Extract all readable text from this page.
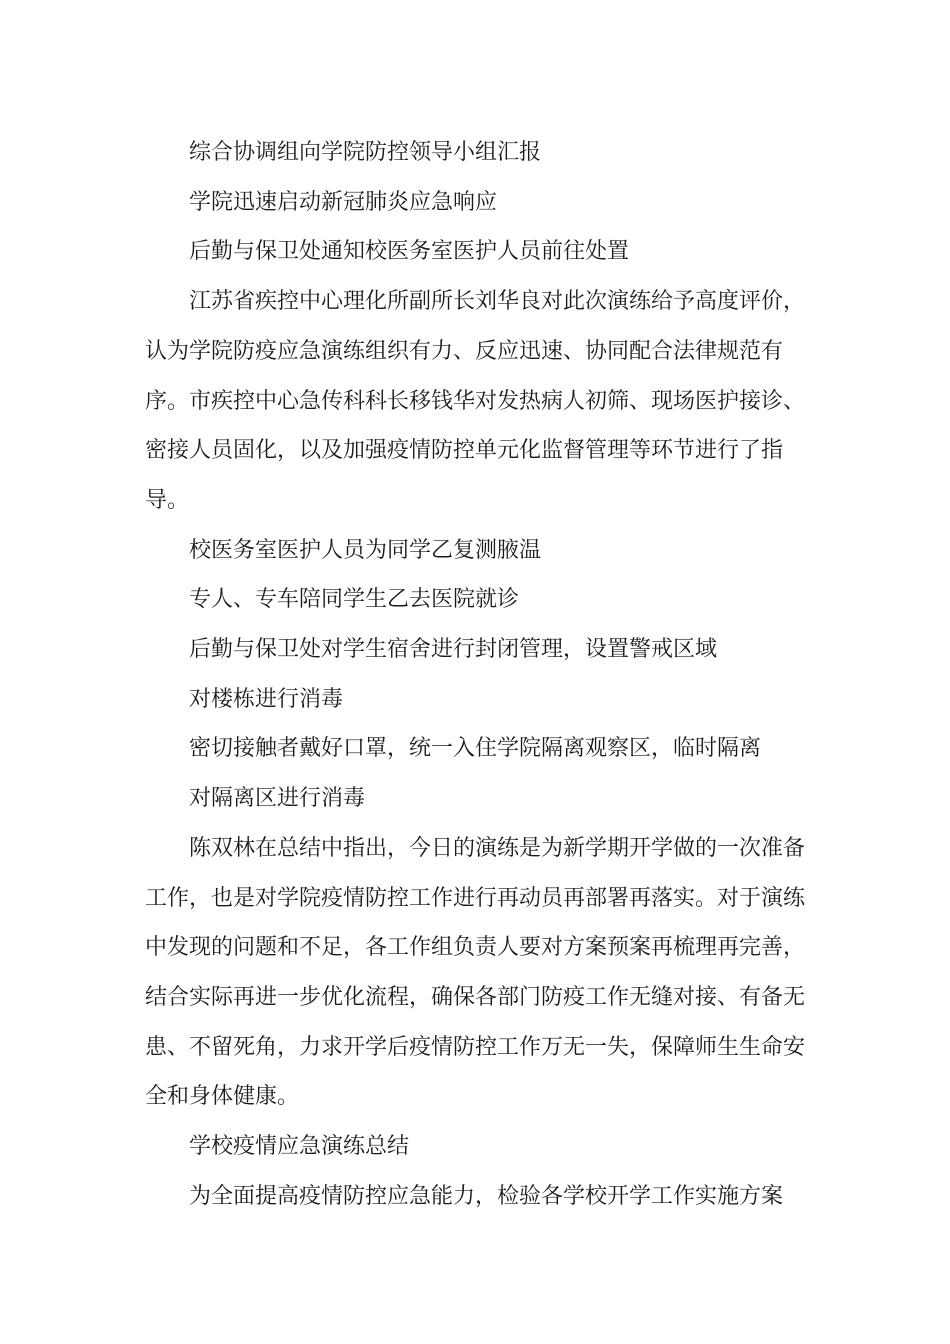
综合协调组向学院防控领导小组汇报

学院迅速启动新冠肺炎应急响应

后勤与保卫处通知校医务室医护人员前往处置

江苏省疾控中心理化所副所长刘华良对此次演练给予高度评价，认为学院防疫应急演练组织有力、反应迅速、协同配合法律规范有序。市疾控中心急传科科长移钱华对发热病人初筛、现场医护接诊、密接人员固化，以及加强疫情防控单元化监督管理等环节进行了指导。

校医务室医护人员为同学乙复测腋温

专人、专车陪同学生乙去医院就诊

后勤与保卫处对学生宿舍进行封闭管理，设置警戒区域

对楼栋进行消毒

密切接触者戴好口罩，统一入住学院隔离观察区，临时隔离

对隔离区进行消毒

陈双林在总结中指出，今日的演练是为新学期开学做的一次准备工作，也是对学院疫情防控工作进行再动员再部署再落实。对于演练中发现的问题和不足，各工作组负责人要对方案预案再梳理再完善，结合实际再进一步优化流程，确保各部门防疫工作无缝对接、有备无患、不留死角，力求开学后疫情防控工作万无一失，保障师生生命安全和身体健康。

学校疫情应急演练总结

为全面提高疫情防控应急能力，检验各学校开学工作实施方案
